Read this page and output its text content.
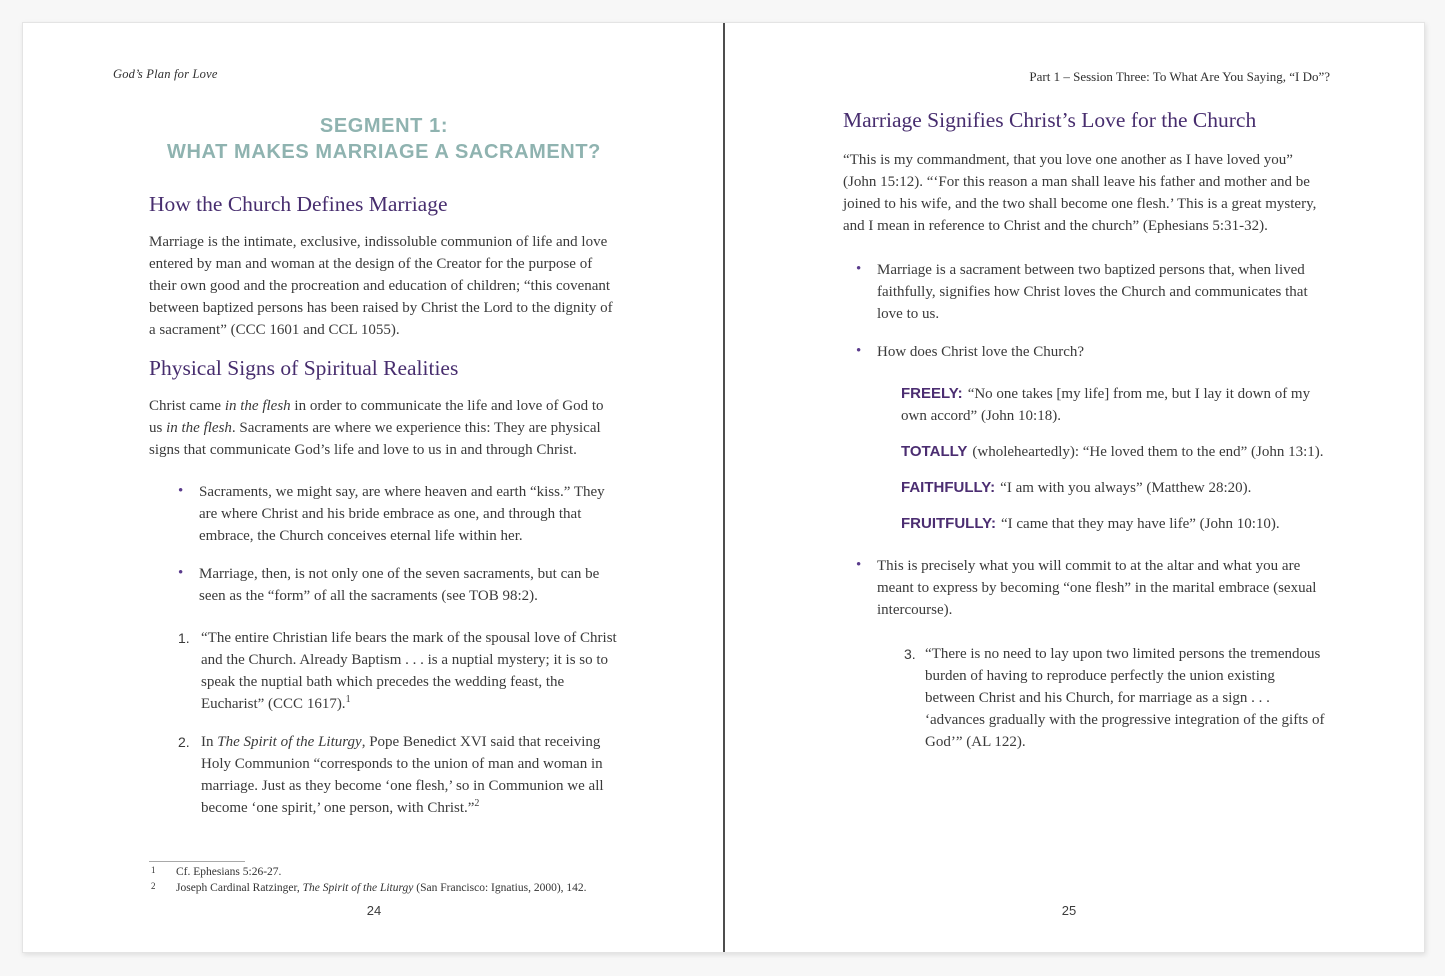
God’s Plan for Love	Part 1 – Session Three: To What Are You Saying, “I Do”?
SEGMENT 1:
WHAT MAKES MARRIAGE A SACRAMENT?
How the Church Defines Marriage

Marriage is the intimate, exclusive, indissoluble communion of life and love entered by man and woman at the design of the Creator for the purpose of their own good and the procreation and education of children; “this covenant between baptized persons has been raised by Christ the Lord to the dignity of a sacrament” (CCC 1601 and CCL 1055).

Physical Signs of Spiritual Realities

Christ came in the flesh in order to communicate the life and love of God to us in the flesh. Sacraments are where we experience this: They are physical signs that communicate God’s life and love to us in and through Christ.

• Sacraments, we might say, are where heaven and earth “kiss.” They are where Christ and his bride embrace as one, and through that embrace, the Church conceives eternal life within her.
• Marriage, then, is not only one of the seven sacraments, but can be seen as the “form” of all the sacraments (see TOB 98:2).
1. “The entire Christian life bears the mark of the spousal love of Christ and the Church. Already Baptism . . . is a nuptial mystery; it is so to speak the nuptial bath which precedes the wedding feast, the Eucharist” (CCC 1617).$^1$
2. In The Spirit of the Liturgy, Pope Benedict XVI said that receiving Holy Communion “corresponds to the union of man and woman in marriage. Just as they become ‘one flesh,’ so in Communion we all become ‘one spirit,’ one person, with Christ.”$^2$
1 Cf. Ephesians 5:26-27.
2 Joseph Cardinal Ratzinger, The Spirit of the Liturgy (San Francisco: Ignatius, 2000), 142.
24
Marriage Signifies Christ’s Love for the Church

“This is my commandment, that you love one another as I have loved you” (John 15:12). “‘For this reason a man shall leave his father and mother and be joined to his wife, and the two shall become one flesh.’ This is a great mystery, and I mean in reference to Christ and the church” (Ephesians 5:31-32).

• Marriage is a sacrament between two baptized persons that, when lived faithfully, signifies how Christ loves the Church and communicates that love to us.
• How does Christ love the Church?
FREELY: “No one takes [my life] from me, but I lay it down of my own accord” (John 10:18).
TOTALLY (wholeheartedly): “He loved them to the end” (John 13:1).
FAITHFULLY: “I am with you always” (Matthew 28:20).
FRUITFULLY: “I came that they may have life” (John 10:10).
• This is precisely what you will commit to at the altar and what you are meant to express by becoming “one flesh” in the marital embrace (sexual intercourse).
3. “There is no need to lay upon two limited persons the tremendous burden of having to reproduce perfectly the union existing between Christ and his Church, for marriage as a sign . . . ‘advances gradually with the progressive integration of the gifts of God’” (AL 122).
25
